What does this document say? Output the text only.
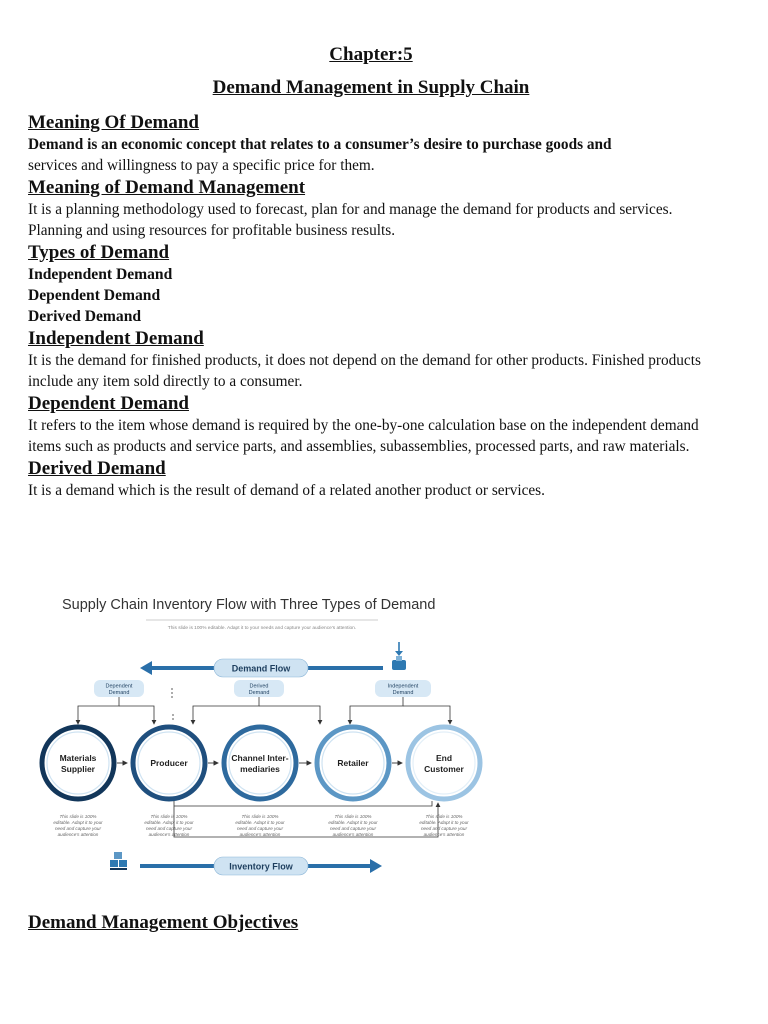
Chapter:5
Demand Management in Supply Chain
Meaning Of Demand

Demand is an economic concept that relates to a consumer’s desire to purchase goods and
services and willingness to pay a specific price for them.

Meaning of Demand Management

It is a planning methodology used to forecast, plan for and manage the demand for products and services. Planning and using resources for profitable business results.

Types of Demand
Independent Demand
Dependent Demand
Derived Demand
Independent Demand

It is the demand for finished products, it does not depend on the demand for other products. Finished products include any item sold directly to a consumer.

Dependent Demand

It refers to the item whose demand is required by the one-by-one calculation base on the independent demand items such as products and service parts, and assemblies, subassemblies, processed parts, and raw materials.

Derived Demand

It is a demand which is the result of demand of a related another product or services.

Supply Chain Inventory Flow with Three Types of Demand
This slide is 100% editable. Adapt it to your needs and capture your audience's attention.
Demand Flow
Dependent
Demand
Derived
Demand
Independent
Demand
Materials
Supplier
Producer	Channel Inter-
mediaries
Retailer	End
Customer
This slide is 100%
editable. Adapt it to your
need and capture your
audience's attention
This slide is 100%
editable. Adapt it to your
need and capture your
audience's attention
This slide is 100%
editable. Adapt it to your
need and capture your
audience's attention
This slide is 100%
editable. Adapt it to your
need and capture your
audience's attention
This slide is 100%
editable. Adapt it to your
need and capture your
audience's attention
Inventory Flow
Demand Management Objectives
